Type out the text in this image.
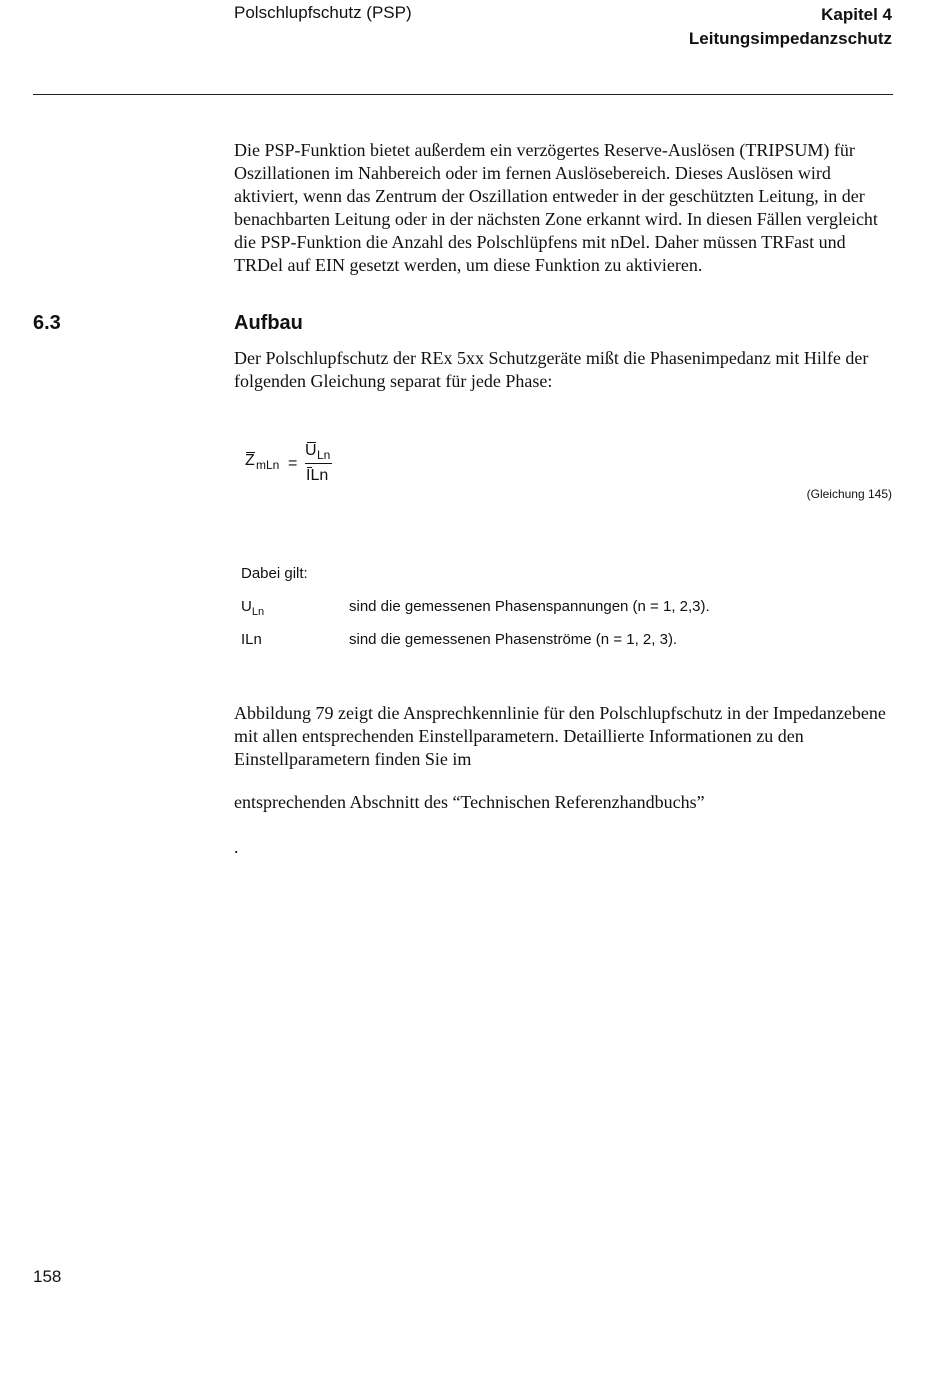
Polschlupfschutz (PSP)	Kapitel 4
Leitungsimpedanzschutz
Die PSP-Funktion bietet außerdem ein verzögertes Reserve-Auslösen (TRIPSUM) für Oszillationen im Nahbereich oder im fernen Auslösebereich. Dieses Auslösen wird aktiviert, wenn das Zentrum der Oszillation entweder in der geschützten Leitung, in der benachbarten Leitung oder in der nächsten Zone erkannt wird. In diesen Fällen vergleicht die PSP-Funktion die Anzahl des Polschlüpfens mit nDel. Daher müssen TRFast und TRDel auf EIN gesetzt werden, um diese Funktion zu aktivieren.
6.3	Aufbau
Der Polschlupfschutz der REx 5xx Schutzgeräte mißt die Phasenimpedanz mit Hilfe der folgenden Gleichung separat für jede Phase:
Z mLn =
U Ln
ILn
(Gleichung 145)
Dabei gilt:
$U_{Ln}$	sind die gemessenen Phasenspannungen (n = 1, 2,3).
ILn	sind die gemessenen Phasenströme (n = 1, 2, 3).
Abbildung 79 zeigt die Ansprechkennlinie für den Polschlupfschutz in der Impedanzebene mit allen entsprechenden Einstellparametern. Detaillierte Informationen zu den Einstellparametern finden Sie im
entsprechenden Abschnitt des “Technischen Referenzhandbuchs”
.
158
